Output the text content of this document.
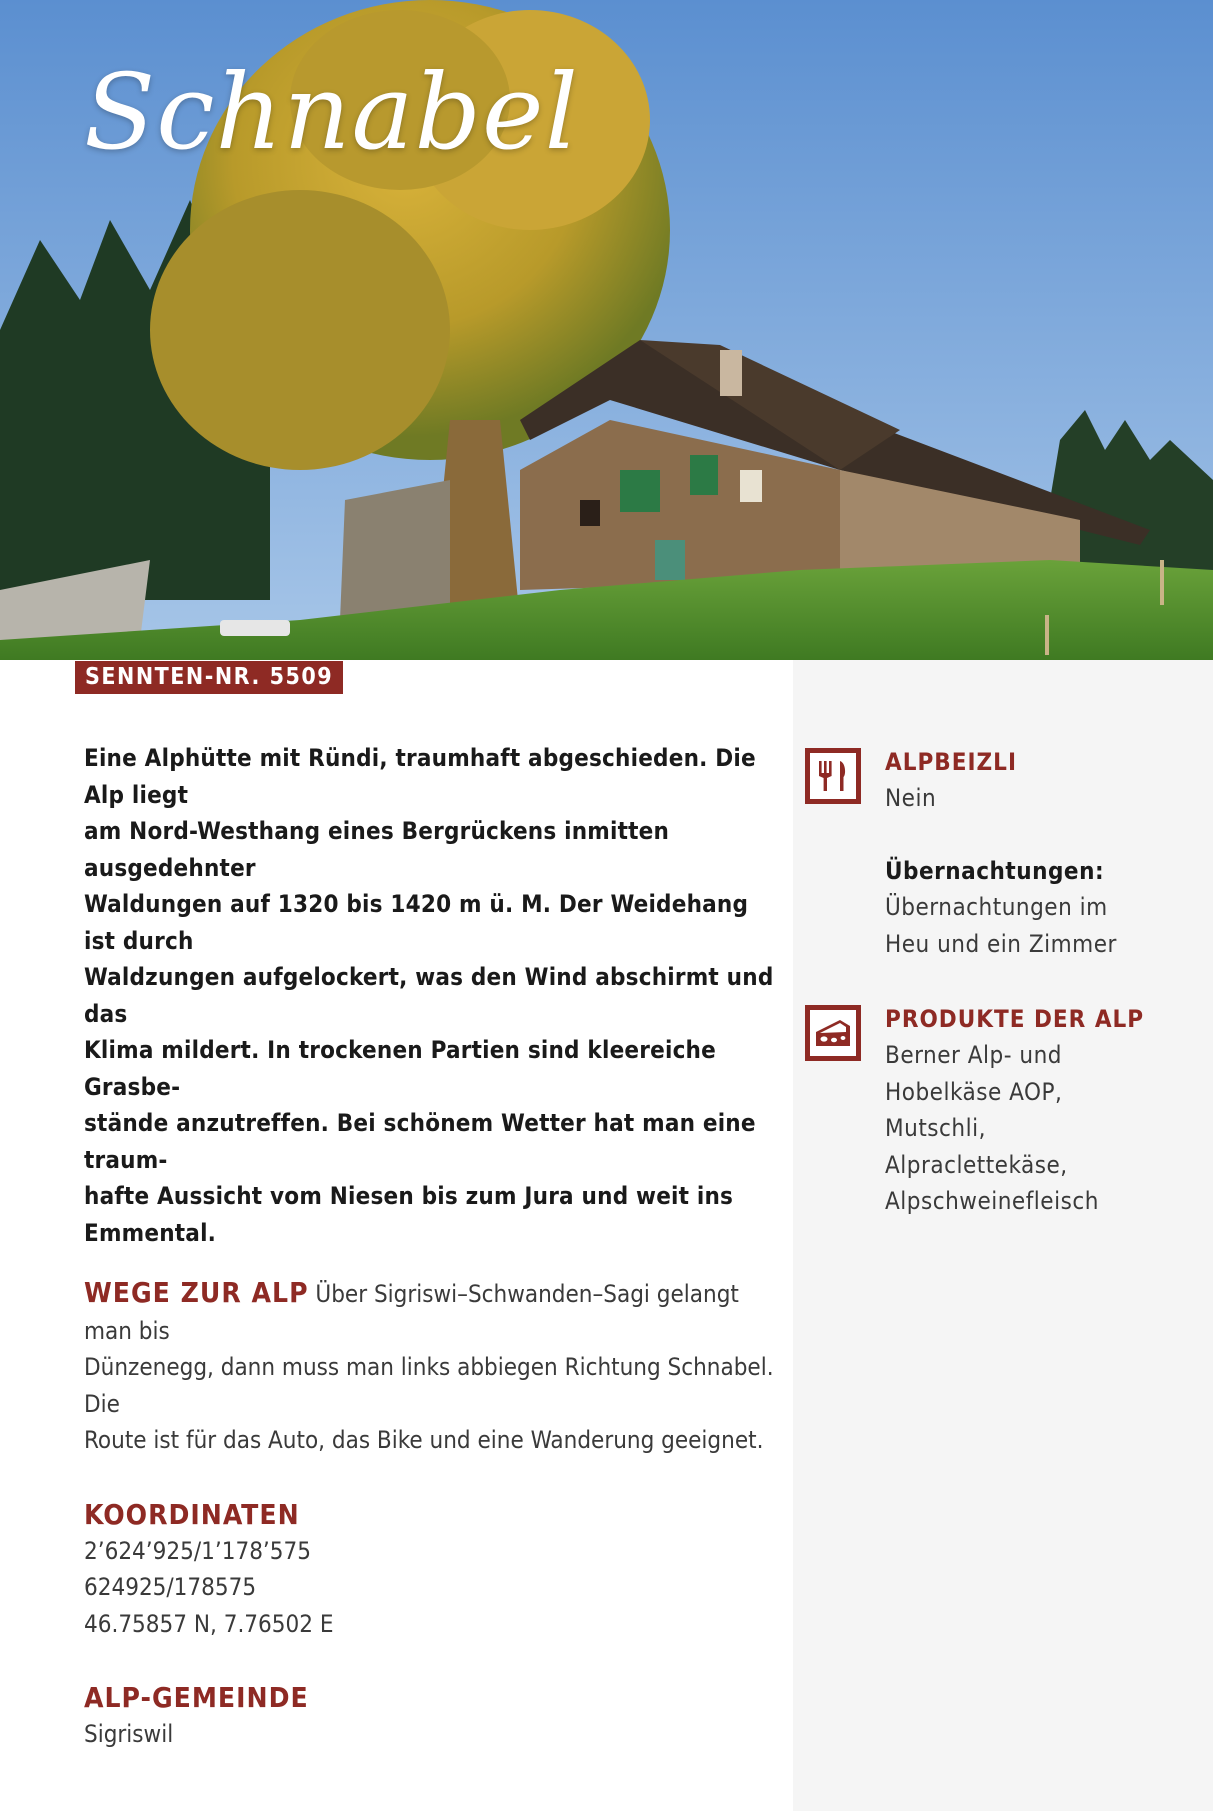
Schnabel
SENNTEN-NR. 5509
Eine Alphütte mit Ründi, traumhaft abgeschieden. Die Alp liegt
am Nord-Westhang eines Bergrückens inmitten ausgedehnter
Waldungen auf 1320 bis 1420 m ü. M. Der Weidehang ist durch
Waldzungen aufgelockert, was den Wind abschirmt und das
Klima mildert. In trockenen Partien sind kleereiche Grasbe-
stände anzutreffen. Bei schönem Wetter hat man eine traum-
hafte Aussicht vom Niesen bis zum Jura und weit ins Emmental.
WEGE ZUR ALP Über Sigriswi–Schwanden–Sagi gelangt man bis
Dünzenegg, dann muss man links abbiegen Richtung Schnabel. Die
Route ist für das Auto, das Bike und eine Wanderung geeignet.
KOORDINATEN
2’624’925/1’178’575
624925/178575
46.75857 N, 7.76502 E
ALP-GEMEINDE
Sigriswil
ALPBEIZLI
Nein
Übernachtungen:
Übernachtungen im
Heu und ein Zimmer
PRODUKTE DER ALP
Berner Alp- und
Hobelkäse AOP,
Mutschli,
Alpraclettekäse,
Alpschweinefleisch
